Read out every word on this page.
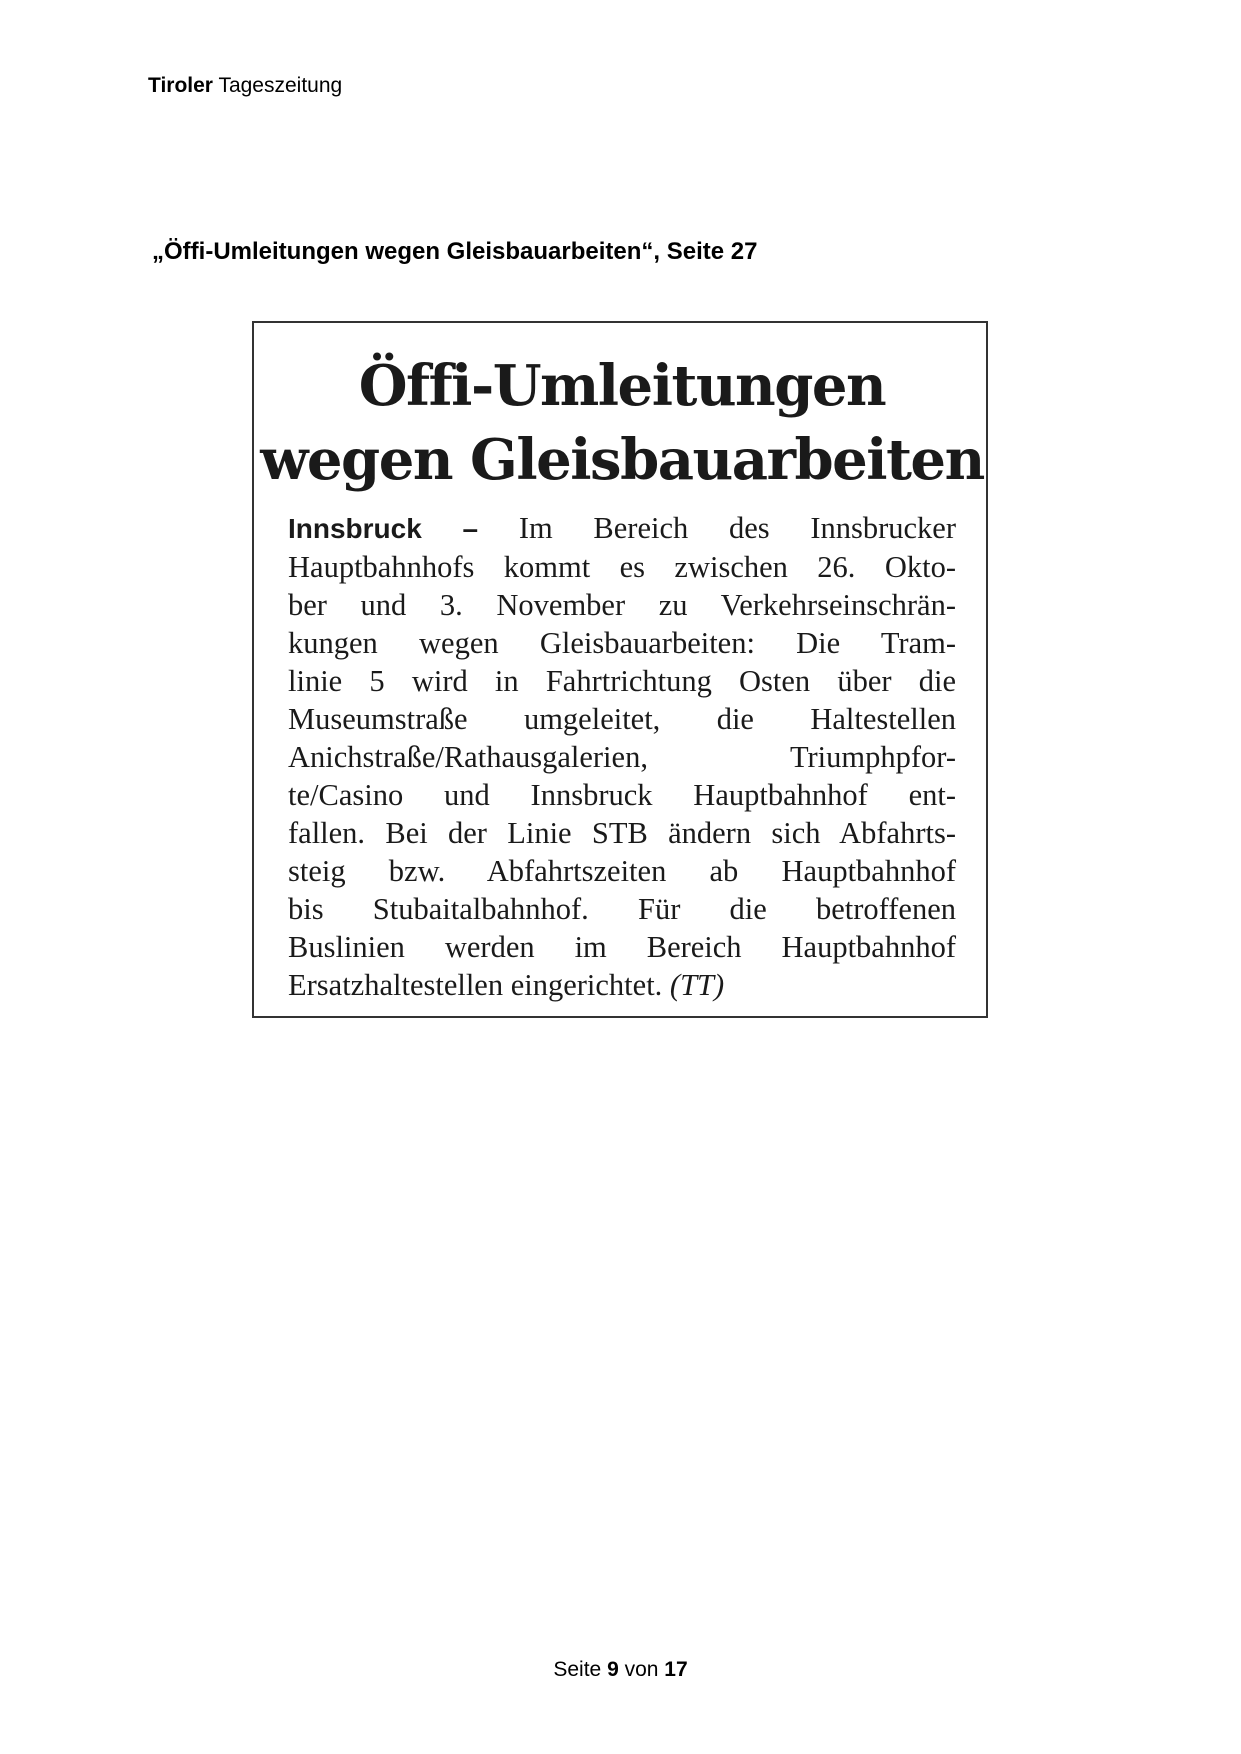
Tiroler Tageszeitung
„Öffi-Umleitungen wegen Gleisbauarbeiten“, Seite 27
Öffi-Umleitungen
wegen Gleisbauarbeiten
Innsbruck – Im Bereich des Innsbrucker
Hauptbahnhofs kommt es zwischen 26. Okto-
ber und 3. November zu Verkehrseinschrän-
kungen wegen Gleisbauarbeiten: Die Tram-
linie 5 wird in Fahrtrichtung Osten über die
Museumstraße umgeleitet, die Haltestellen
Anichstraße/Rathausgalerien, Triumphpfor-
te/Casino und Innsbruck Hauptbahnhof ent-
fallen. Bei der Linie STB ändern sich Abfahrts-
steig bzw. Abfahrtszeiten ab Hauptbahnhof
bis Stubaitalbahnhof. Für die betroffenen
Buslinien werden im Bereich Hauptbahnhof
Ersatzhaltestellen eingerichtet. (TT)
Seite 9 von 17
